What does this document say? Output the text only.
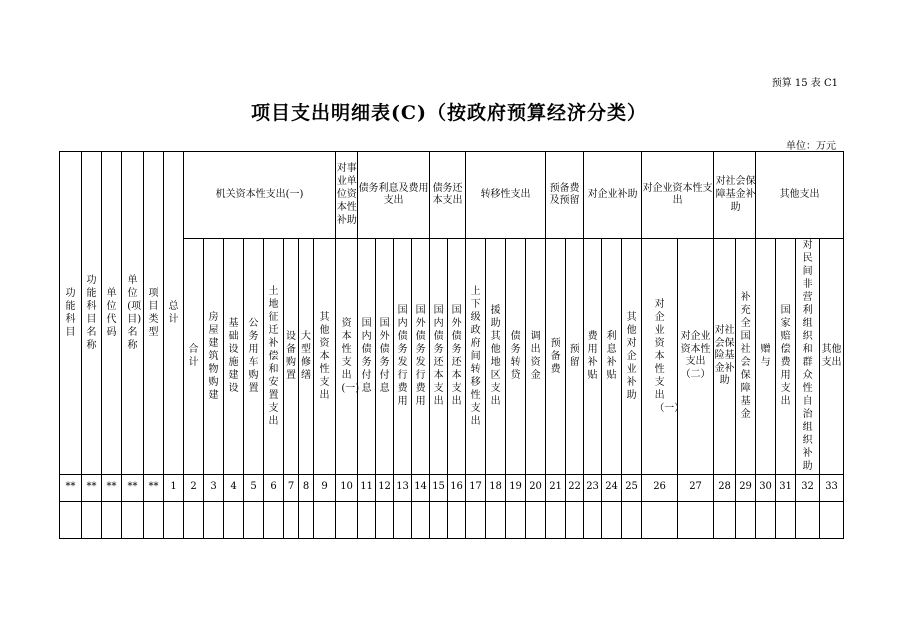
预算 15 表 C1
项目支出明细表(C)（按政府预算经济分类）
单位：万元
功能科目	功能科目名称	单位代码	单位(项目)名称	项目类型	总计	机关资本性支出(一)								对事业单位资本性补助	债务利息及费用支出				债务还本支出		转移性支出				预备费及预留		对企业补助			对企业资本性支出		对社会保障基金补助		其他支出			
						合计	房屋建筑物购建	基础设施建设	公务用车购置	土地征迁补偿和安置支出	设备购置	大型修缮	其他资本性支出	资本性支出(一)	国内债务付息	国外债务付息	国内债务发行费用	国外债务发行费用	国内债务还本支出	国外债务还本支出	上下级政府间转移性支出	援助其他地区支出	债务转贷	调出资金	预备费	预留	费用补贴	利息补贴	其他对企业补助	对企业资本性支出（一）	对企业资本性支出（二）	对社会保险基金补助	补充全国社会保障基金	赠与	国家赔偿费用支出	对民间非营利组织和群众性自治组织补助	其他支出
**	**	**	**	**	1	2	3	4	5	6	7	8	9	10	11	12	13	14	15	16	17	18	19	20	21	22	23	24	25	26	27	28	29	30	31	32	33
